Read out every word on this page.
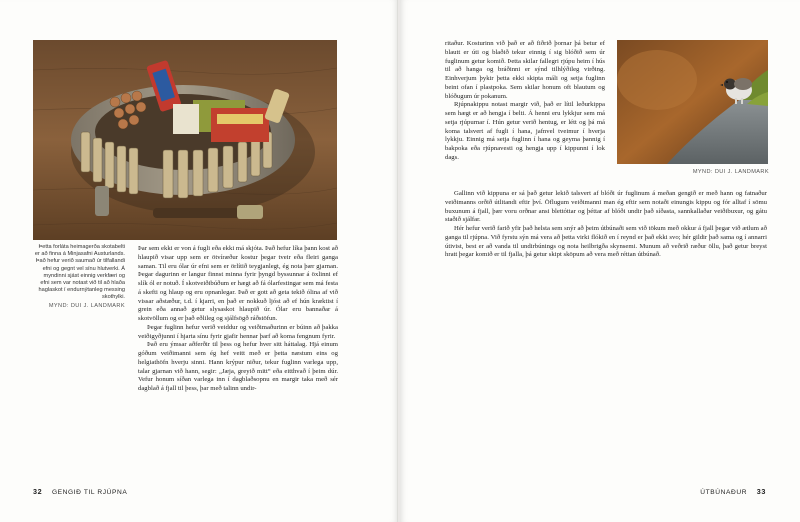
Þetta forláta heimagerða skotabelti er að finna á Minjasafni Austurlands. Það hefur verið saumað úr tilfallandi efni og gegnt vel sínu hlutverki. Á myndinni sjást einnig verkfæri og efni sem var notast við til að hlaða haglaskot í endurnýtanleg messing skothylki.

MYND: DUI J. LANDMARK

Þar sem ekki er von á fugli eða ekki má skjóta. Það hefur líka þann kost að hlaupið visar upp sem er ötvíræður kostur þegar tveir eða fleiri ganga saman. Til eru ólar úr efni sem er örlítið teygjanlegt, ég nota þær gjarnan. Þegar dagurinn er langur finnst minna fyrir þyngd byssunnar á öxlinni ef slík ól er notuð. Í skotveiðibúðum er hægt að fá ólarfestingar sem má festa á skefti og hlaup og eru opnanlegar. Það er gott að geta tekið ólina af við vissar aðstæður, t.d. í kjarri, en það er nokkuð ljóst að ef hún kræktist í grein eða annað getur slysaskot hlaupið úr. Ólar eru bannaðar á skotvöllum og er það eðlileg og sjálfsögð ráðstöfun.

Þegar fuglinn hefur verið veiddur og veiðimaðurinn er búinn að þakka veiðigyðjunni í hjarta sínu fyrir gjafir hennar þarf að koma fengnum fyrir.

Það eru ýmsar aðferðir til þess og hefur hver sitt háttalag. Hjá einum góðum veiðimanni sem ég hef veitt með er þetta næstum eins og helgiathöfn hverju sinni. Hann krýpur niður, tekur fuglinn varlega upp, talar gjarnan við hann, segir: „Jæja, greyið mitt“ eða eitthvað í þeim dúr. Vefur honum síðan varlega inn í dagblaðsopnu en margir taka með sér dagblað á fjall til þess, þar með talinn undir-

32 GENGIÐ TIL RJÚPNA

ritaður. Kosturinn við það er að fiðrið þornar þá betur ef blautt er úti og blaðið tekur einnig í sig blóðið sem úr fuglinum getur komið. Þetta skilar fallegri rjúpu heim í hús til að hanga og bráðinni er sýnd tilhlýðileg virðing. Einhverjum þykir þetta ekki skipta máli og setja fuglinn beint ofan í plastpoka. Sem skilar honum oft blautum og blóðugum úr pokanum.

Rjúpnakippu notast margir við, það er lítil leðurkippa sem hægt er að hengja í belti. Á henni eru lykkjur sem má setja rjúpurnar í. Hún getur verið hentug, er létt og þá má koma talsvert af fugli í hana, jafnvel tveimur í hverja lykkju. Einnig má setja fuglinn í hana og geyma þannig í bakpoka eða rjúpnavesti og hengja upp í kippunni í lok dags.

Gallinn við kippuna er sá það getur lekið talsvert af blóði úr fuglinum á meðan gengið er með hann og fatnaður veiðimanns orðið útlitandi eftir því. Öflugum veiðimanni man ég eftir sem notaði einungis kippu og fór alltaf í sömu buxunum á fjall, þær voru orðnar ansi blettóttar og þéttar af blóði undir það síðasta, sannkallaðar veiðibuxur, og gátu staðið sjálfar.

Hér hefur verið farið yfir það helsta sem snýr að þeim útbúnaði sem við tökum með okkur á fjall þegar við ætlum að ganga til rjúpna. Við fyrstu sýn má vera að þetta virki flókið en í reynd er það ekki svo; hér gildir það sama og í annarri útivist, best er að vanda til undirbúnings og nota heilbrigða skynsemi. Munum að veðrið ræður öllu, það getur breyst hratt þegar komið er til fjalla, þá getur skipt sköpum að vera með réttan útbúnað.

MYND: DUI J. LANDMARK
ÚTBÚNAÐUR 33
